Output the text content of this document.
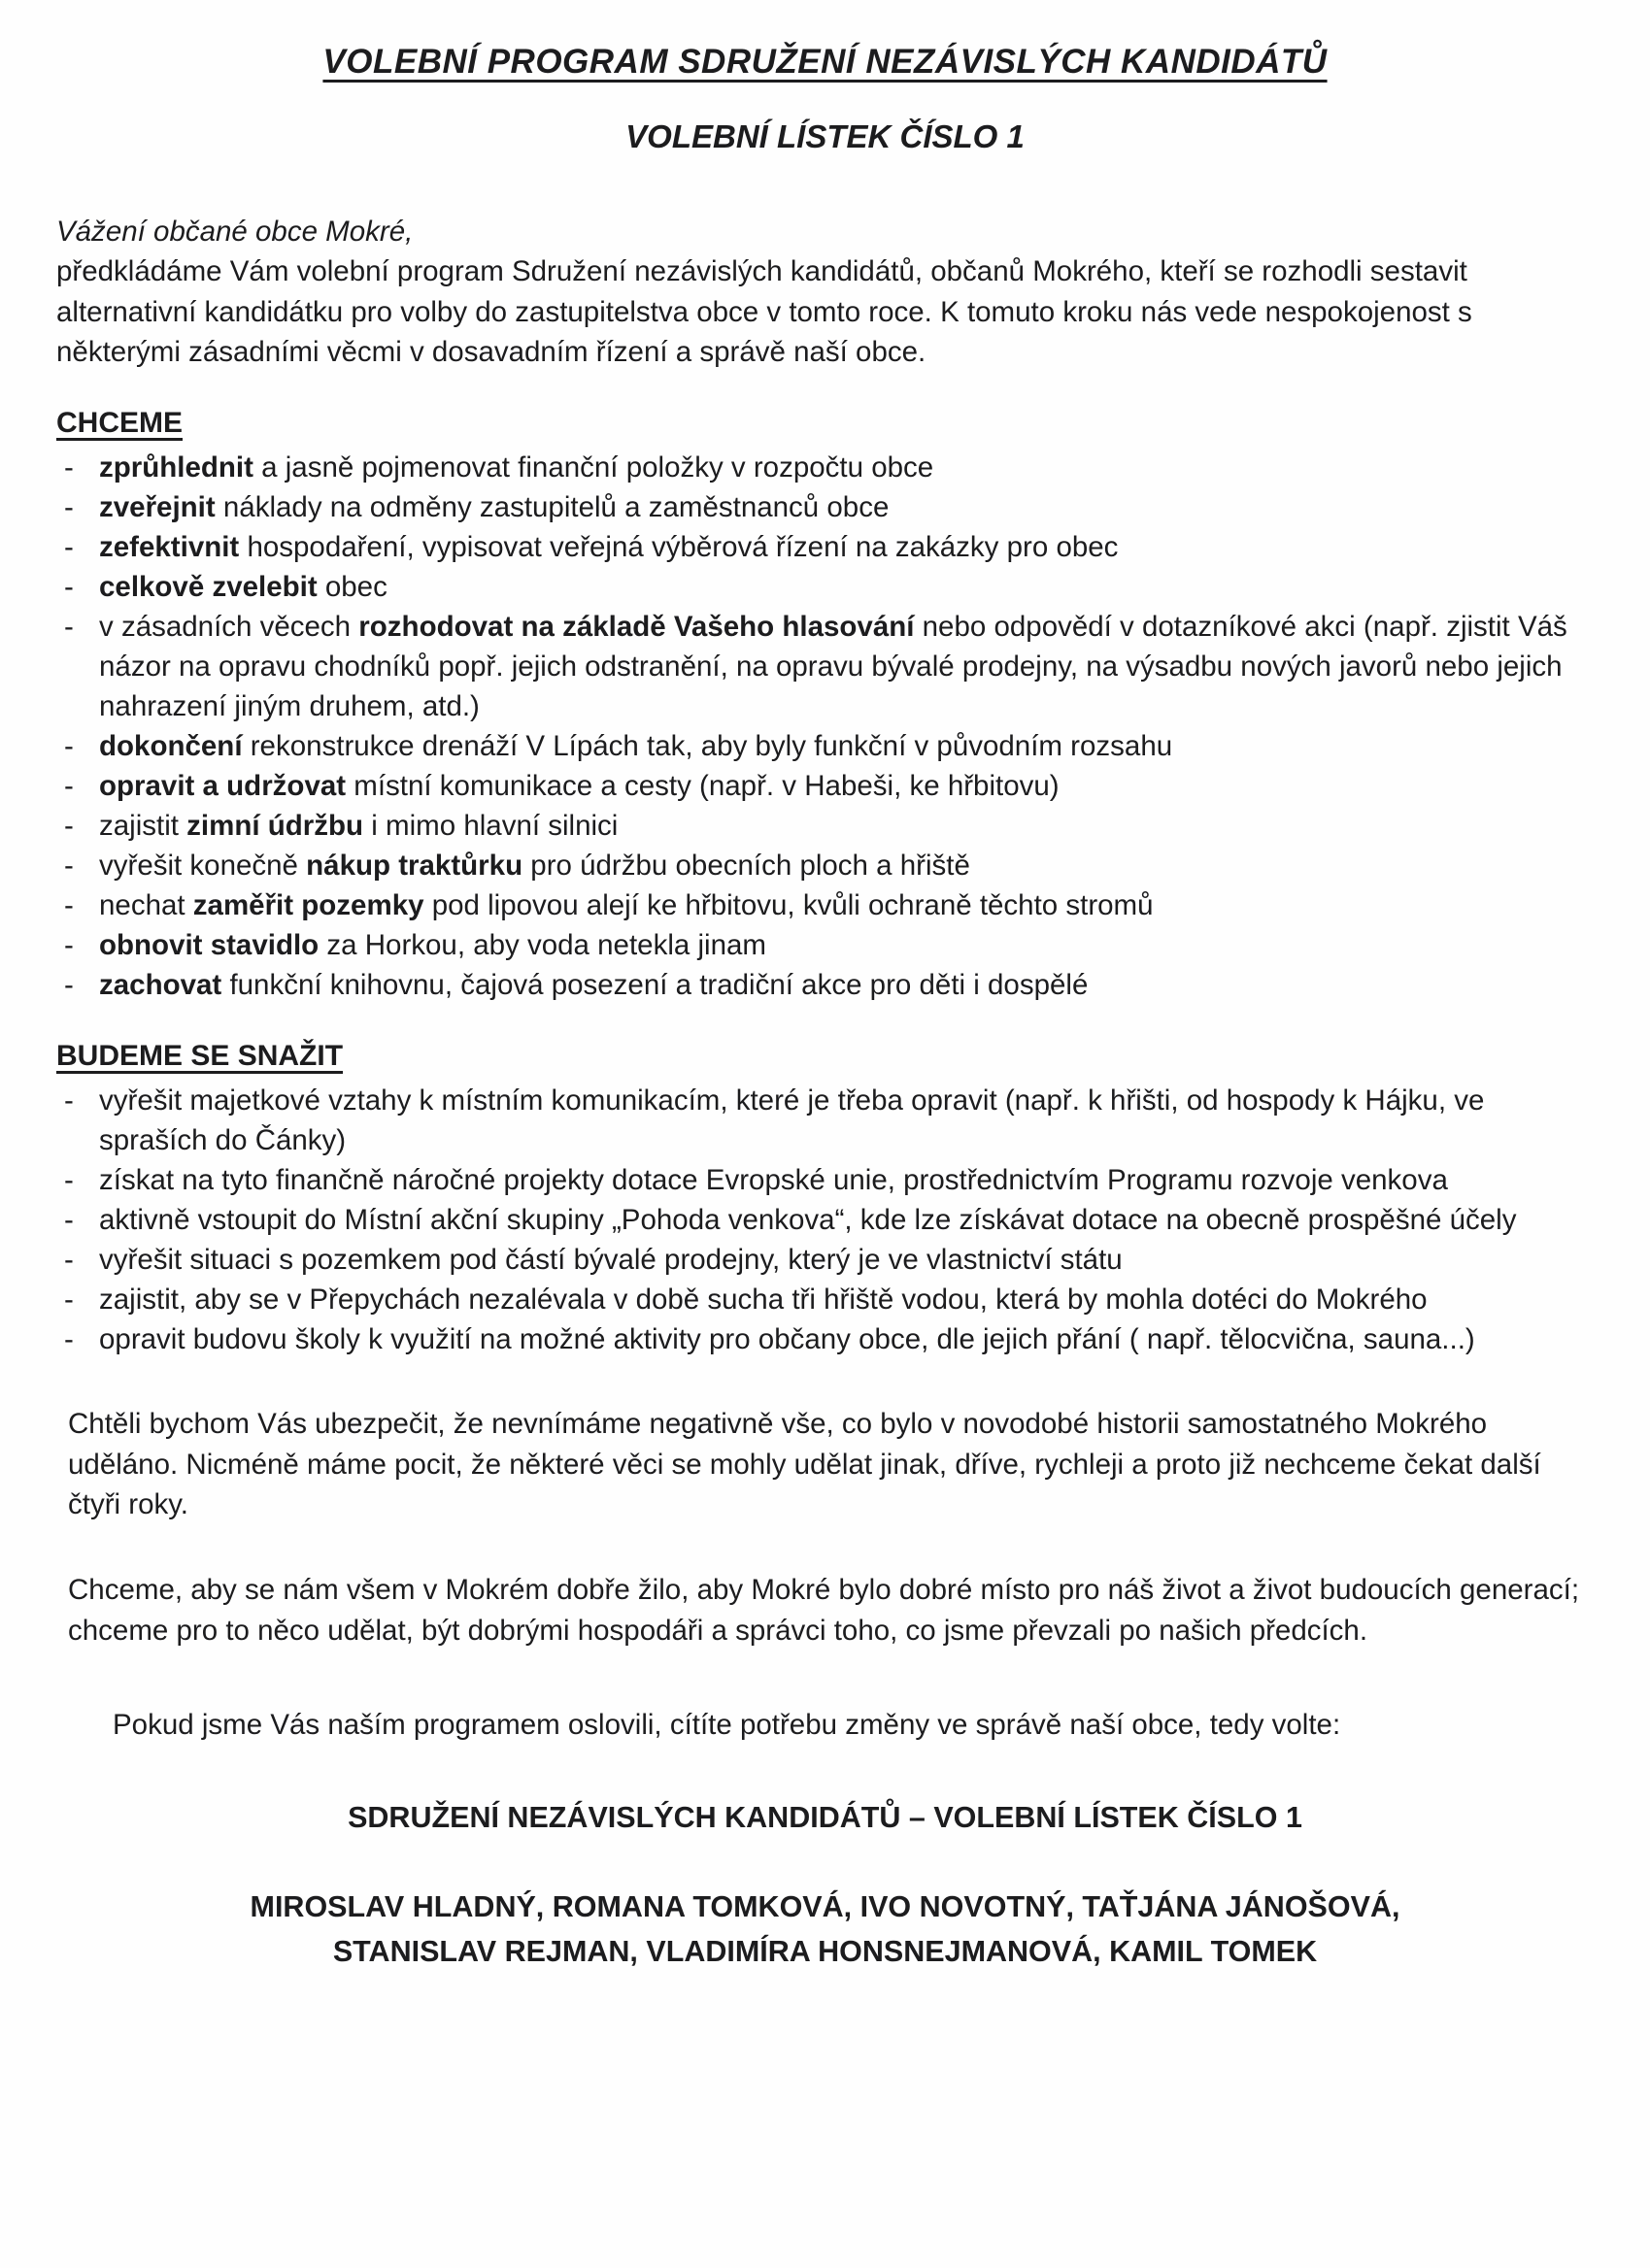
VOLEBNÍ PROGRAM SDRUŽENÍ NEZÁVISLÝCH KANDIDÁTŮ
VOLEBNÍ LÍSTEK ČÍSLO 1
Vážení občané obce Mokré,
předkládáme Vám volební program Sdružení nezávislých kandidátů, občanů Mokrého, kteří se rozhodli sestavit alternativní kandidátku pro volby do zastupitelstva obce v tomto roce. K tomuto kroku nás vede nespokojenost s některými zásadními věcmi v dosavadním řízení a správě naší obce.
CHCEME
- zprůhlednit a jasně pojmenovat finanční položky v rozpočtu obce
- zveřejnit náklady na odměny zastupitelů a zaměstnanců obce
- zefektivnit hospodaření, vypisovat veřejná výběrová řízení na zakázky pro obec
- celkově zvelebit obec
- v zásadních věcech rozhodovat na základě Vašeho hlasování nebo odpovědí v dotazníkové akci (např. zjistit Váš názor na opravu chodníků popř. jejich odstranění, na opravu bývalé prodejny, na výsadbu nových javorů nebo jejich nahrazení jiným druhem, atd.)
- dokončení rekonstrukce drenáží V Lípách tak, aby byly funkční v původním rozsahu
- opravit a udržovat místní komunikace a cesty (např. v Habeši, ke hřbitovu)
- zajistit zimní údržbu i mimo hlavní silnici
- vyřešit konečně nákup traktůrku pro údržbu obecních ploch a hřiště
- nechat zaměřit pozemky pod lipovou alejí ke hřbitovu, kvůli ochraně těchto stromů
- obnovit stavidlo za Horkou, aby voda netekla jinam
- zachovat funkční knihovnu, čajová posezení a tradiční akce pro děti i dospělé
BUDEME SE SNAŽIT
- vyřešit majetkové vztahy k místním komunikacím, které je třeba opravit (např. k hřišti, od hospody k Hájku, ve spraších do Čánky)
- získat na tyto finančně náročné projekty dotace Evropské unie, prostřednictvím Programu rozvoje venkova
- aktivně vstoupit do Místní akční skupiny „Pohoda venkova“, kde lze získávat dotace na obecně prospěšné účely
- vyřešit situaci s pozemkem pod částí bývalé prodejny, který je ve vlastnictví státu
- zajistit, aby se v Přepychách nezalévala v době sucha tři hřiště vodou, která by mohla dotéci do Mokrého
- opravit budovu školy k využití na možné aktivity pro občany obce, dle jejich přání ( např. tělocvična, sauna...)

Chtěli bychom Vás ubezpečit, že nevnímáme negativně vše, co bylo v novodobé historii samostatného Mokrého uděláno. Nicméně máme pocit, že některé věci se mohly udělat jinak, dříve, rychleji a proto již nechceme čekat další čtyři roky.

Chceme, aby se nám všem v Mokrém dobře žilo, aby Mokré bylo dobré místo pro náš život a život budoucích generací; chceme pro to něco udělat, být dobrými hospodáři a správci toho, co jsme převzali po našich předcích.

Pokud jsme Vás naším programem oslovili, cítíte potřebu změny ve správě naší obce, tedy volte:

SDRUŽENÍ NEZÁVISLÝCH KANDIDÁTŮ – VOLEBNÍ LÍSTEK ČÍSLO 1

MIROSLAV HLADNÝ, ROMANA TOMKOVÁ, IVO NOVOTNÝ, TAŤJÁNA JÁNOŠOVÁ,
STANISLAV REJMAN, VLADIMÍRA HONSNEJMANOVÁ, KAMIL TOMEK
